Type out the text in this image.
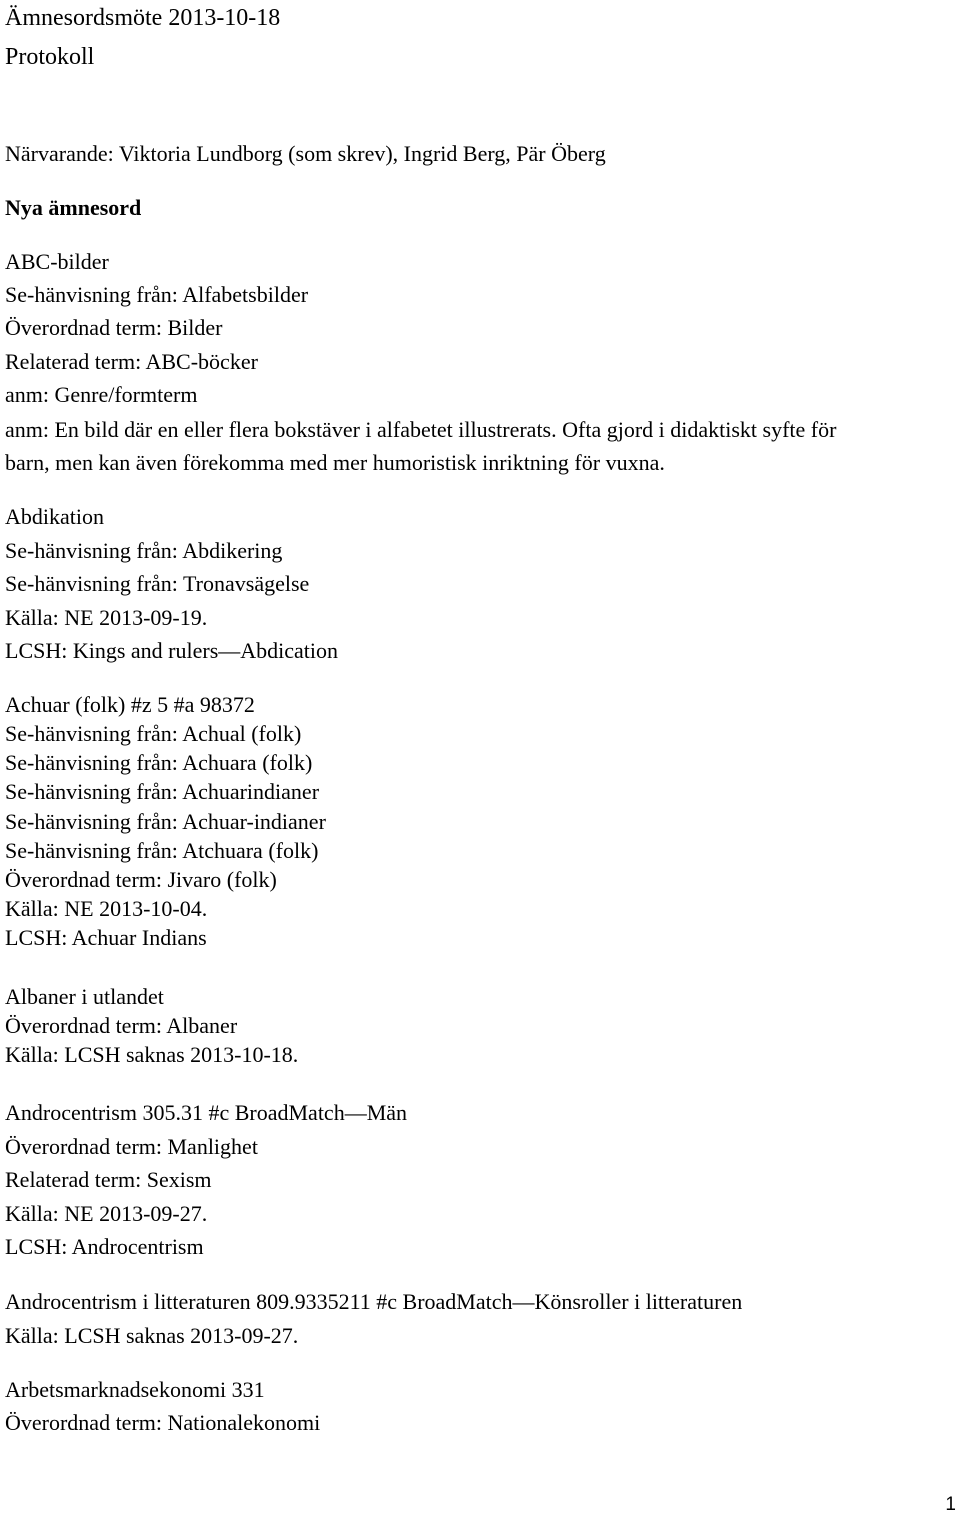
Ämnesordsmöte 2013-10-18
Protokoll
Närvarande: Viktoria Lundborg (som skrev), Ingrid Berg, Pär Öberg
Nya ämnesord
ABC-bilder
Se-hänvisning från: Alfabetsbilder
Överordnad term: Bilder
Relaterad term: ABC-böcker
anm: Genre/formterm
anm: En bild där en eller flera bokstäver i alfabetet illustrerats. Ofta gjord i didaktiskt syfte för
barn, men kan även förekomma med mer humoristisk inriktning för vuxna.
Abdikation
Se-hänvisning från: Abdikering
Se-hänvisning från: Tronavsägelse
Källa: NE 2013-09-19.
LCSH: Kings and rulers—Abdication
Achuar (folk) #z 5 #a 98372
Se-hänvisning från: Achual (folk)
Se-hänvisning från: Achuara (folk)
Se-hänvisning från: Achuarindianer
Se-hänvisning från: Achuar-indianer
Se-hänvisning från: Atchuara (folk)
Överordnad term: Jivaro (folk)
Källa: NE 2013-10-04.
LCSH: Achuar Indians
Albaner i utlandet
Överordnad term: Albaner
Källa: LCSH saknas 2013-10-18.
Androcentrism 305.31 #c BroadMatch—Män
Överordnad term: Manlighet
Relaterad term: Sexism
Källa: NE 2013-09-27.
LCSH: Androcentrism
Androcentrism i litteraturen 809.9335211 #c BroadMatch—Könsroller i litteraturen
Källa: LCSH saknas 2013-09-27.
Arbetsmarknadsekonomi 331
Överordnad term: Nationalekonomi
1
